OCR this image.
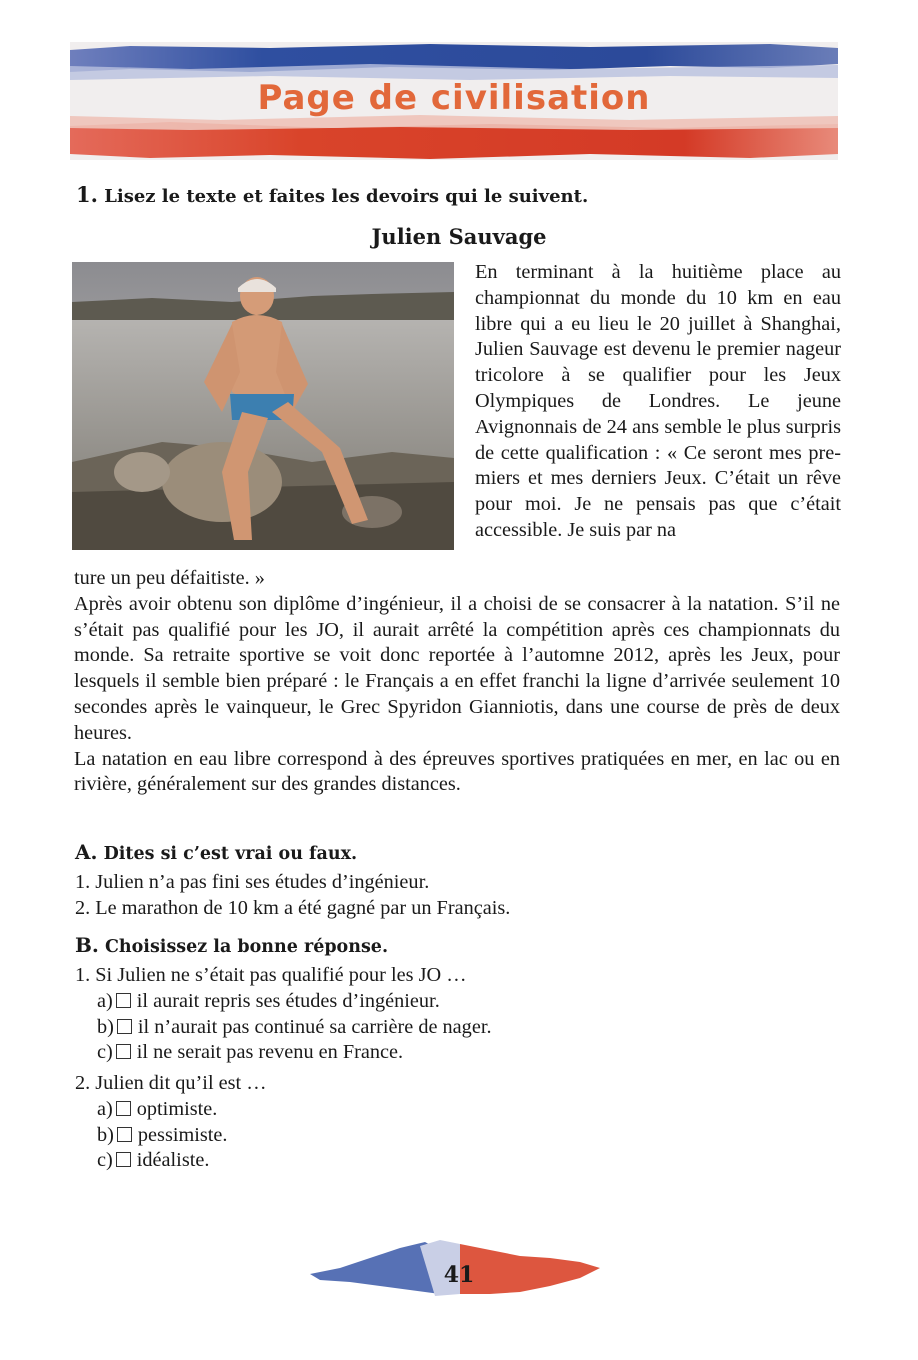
Page de civilisation
1. Lisez le texte et faites les devoirs qui le suivent.
Julien Sauvage
En terminant à la huitième place au championnat du monde du 10 km en eau libre qui a eu lieu le 20 juillet à Shanghai, Julien Sauvage est devenu le premier nageur tricolore à se qualifier pour les Jeux Olympiques de Londres. Le jeune Avignonnais de 24 ans semble le plus surpris de cette qualification : « Ce seront mes premiers et mes derniers Jeux. C’était un rêve pour moi. Je ne pensais pas que c’était accessible. Je suis par na

ture un peu défaitiste. »

Après avoir obtenu son diplôme d’ingénieur, il a choisi de se consacrer à la natation. S’il ne s’était pas qualifié pour les JO, il aurait arrêté la compétition après ces championnats du monde. Sa retraite sportive se voit donc reportée à l’automne 2012, après les Jeux, pour lesquels il semble bien préparé : le Français a en effet franchi la ligne d’arrivée seulement 10 secondes après le vainqueur, le Grec Spyridon Gianniotis, dans une course de près de deux heures.

La natation en eau libre correspond à des épreuves sportives pratiquées en mer, en lac ou en rivière, généralement sur des grandes distances.

A. Dites si c’est vrai ou faux.
1. Julien n’a pas fini ses études d’ingénieur.
2. Le marathon de 10 km a été gagné par un Français.
B. Choisissez la bonne réponse.
1. Si Julien ne s’était pas qualifié pour les JO …
a) il aurait repris ses études d’ingénieur.
b) il n’aurait pas continué sa carrière de nager.
c) il ne serait pas revenu en France.
2. Julien dit qu’il est …
a) optimiste.
b) pessimiste.
c) idéaliste.
41
